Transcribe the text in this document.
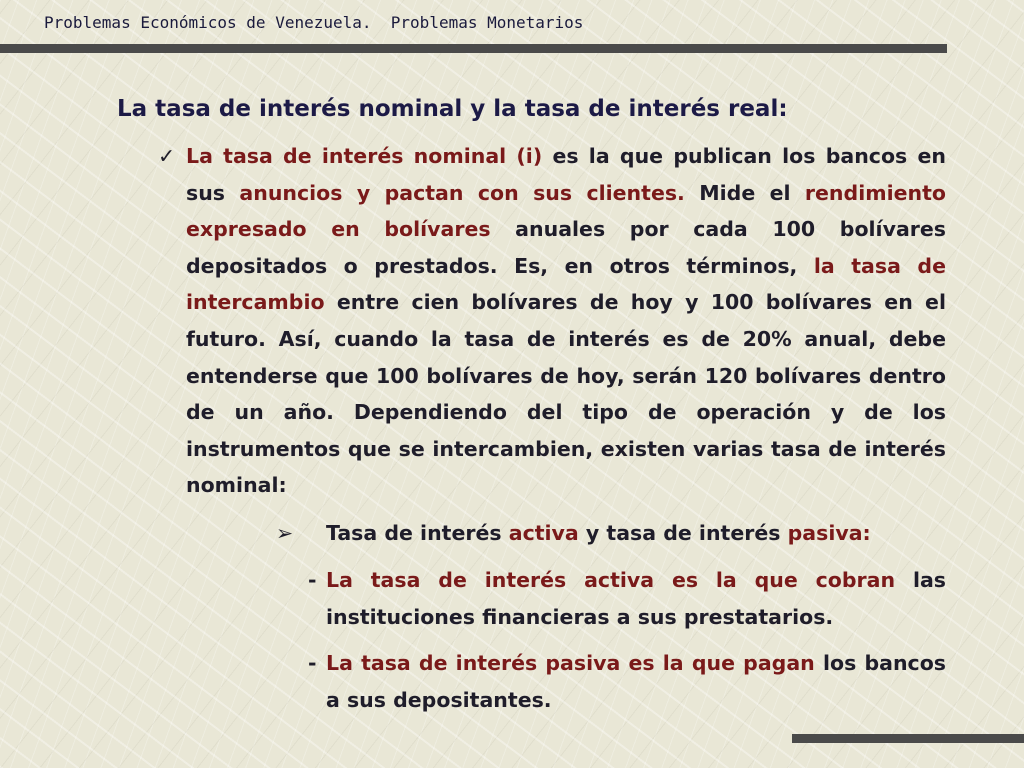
Problemas Económicos de Venezuela.  Problemas Monetarios
La tasa de interés nominal y la tasa de interés real:
✓ La tasa de interés nominal (i) es la que publican los bancos en sus anuncios y pactan con sus clientes. Mide el rendimiento expresado en bolívares anuales por cada 100 bolívares depositados o prestados. Es, en otros términos, la tasa de intercambio entre cien bolívares de hoy y 100 bolívares en el futuro. Así, cuando la tasa de interés es de 20% anual, debe entenderse que 100 bolívares de hoy, serán 120 bolívares dentro de un año. Dependiendo del tipo de operación y de los instrumentos que se intercambien, existen varias tasa de interés nominal:
➢ Tasa de interés activa y tasa de interés pasiva:
- La tasa de interés activa es la que cobran las instituciones financieras a sus prestatarios.
- La tasa de interés pasiva es la que pagan los bancos a sus depositantes.
